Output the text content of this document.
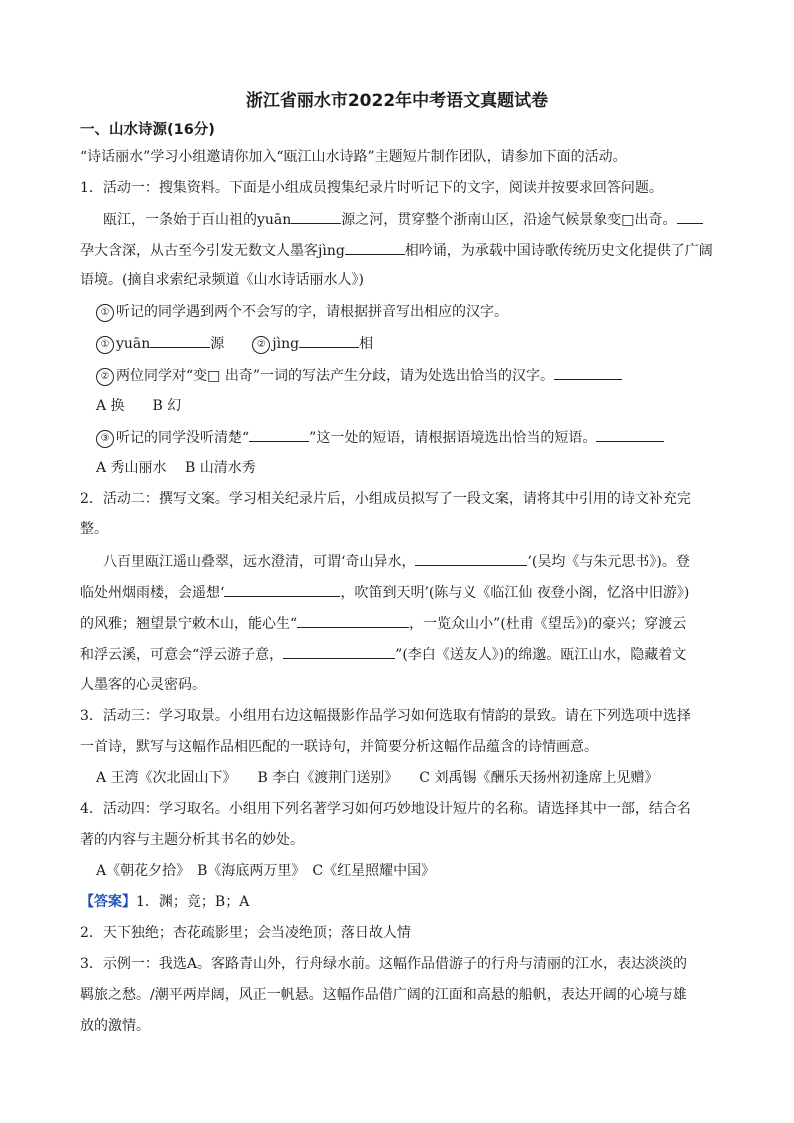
浙江省丽水市2022年中考语文真题试卷
一、山水诗源(16分)
“诗话丽水”学习小组邀请你加入“瓯江山水诗路”主题短片制作团队，请参加下面的活动。
1．活动一：搜集资料。下面是小组成员搜集纪录片时听记下的文字，阅读并按要求回答问题。
瓯江，一条始于百山祖的yuān	源之河，贯穿整个浙南山区，沿途气候景象变□出奇。
孕大含深，从古至今引发无数文人墨客jìng	相吟诵，为承载中国诗歌传统历史文化提供了广阔
语境。(摘自求索纪录频道《山水诗话丽水人》)
① 听记的同学遇到两个不会写的字，请根据拼音写出相应的汉字。
① yuān	源	② jìng	相
② 两位同学对“变□ 出奇”一词的写法产生分歧，请为处选出恰当的汉字。
A 换　　B 幻
③ 听记的同学没听清楚“	”这一处的短语，请根据语境选出恰当的短语。
A 秀山丽水　 B 山清水秀
2．活动二：撰写文案。学习相关纪录片后，小组成员拟写了一段文案，请将其中引用的诗文补充完
整。
八百里瓯江遥山叠翠，远水澄清，可谓‘奇山异水，	’(吴均《与朱元思书》)。登
临处州烟雨楼，会遥想‘	，吹笛到天明’(陈与义《临江仙 夜登小阁，忆洛中旧游》)
的风雅；翘望景宁敕木山，能心生“	，一览众山小”(杜甫《望岳》)的豪兴；穿渡云
和浮云溪，可意会“浮云游子意，	”(李白《送友人》)的绵邈。瓯江山水，隐藏着文
人墨客的心灵密码。
3．活动三：学习取景。小组用右边这幅摄影作品学习如何选取有情韵的景致。请在下列选项中选择
一首诗，默写与这幅作品相匹配的一联诗句，并简要分析这幅作品蕴含的诗情画意。
A 王湾《次北固山下》　　B 李白《渡荆门送别》　　C 刘禹锡《酬乐天扬州初逢席上见赠》
4．活动四：学习取名。小组用下列名著学习如何巧妙地设计短片的名称。请选择其中一部，结合名
著的内容与主题分析其书名的妙处。
A《朝花夕拾》　B《海底两万里》　C《红星照耀中国》
【答案】1．渊；竞；B；A
2．天下独绝；杏花疏影里；会当凌绝顶；落日故人情
3．示例一：我选A。客路青山外，行舟绿水前。这幅作品借游子的行舟与清丽的江水，表达淡淡的
羁旅之愁。/潮平两岸阔，风正一帆悬。这幅作品借广阔的江面和高悬的船帆，表达开阔的心境与雄
放的激情。
